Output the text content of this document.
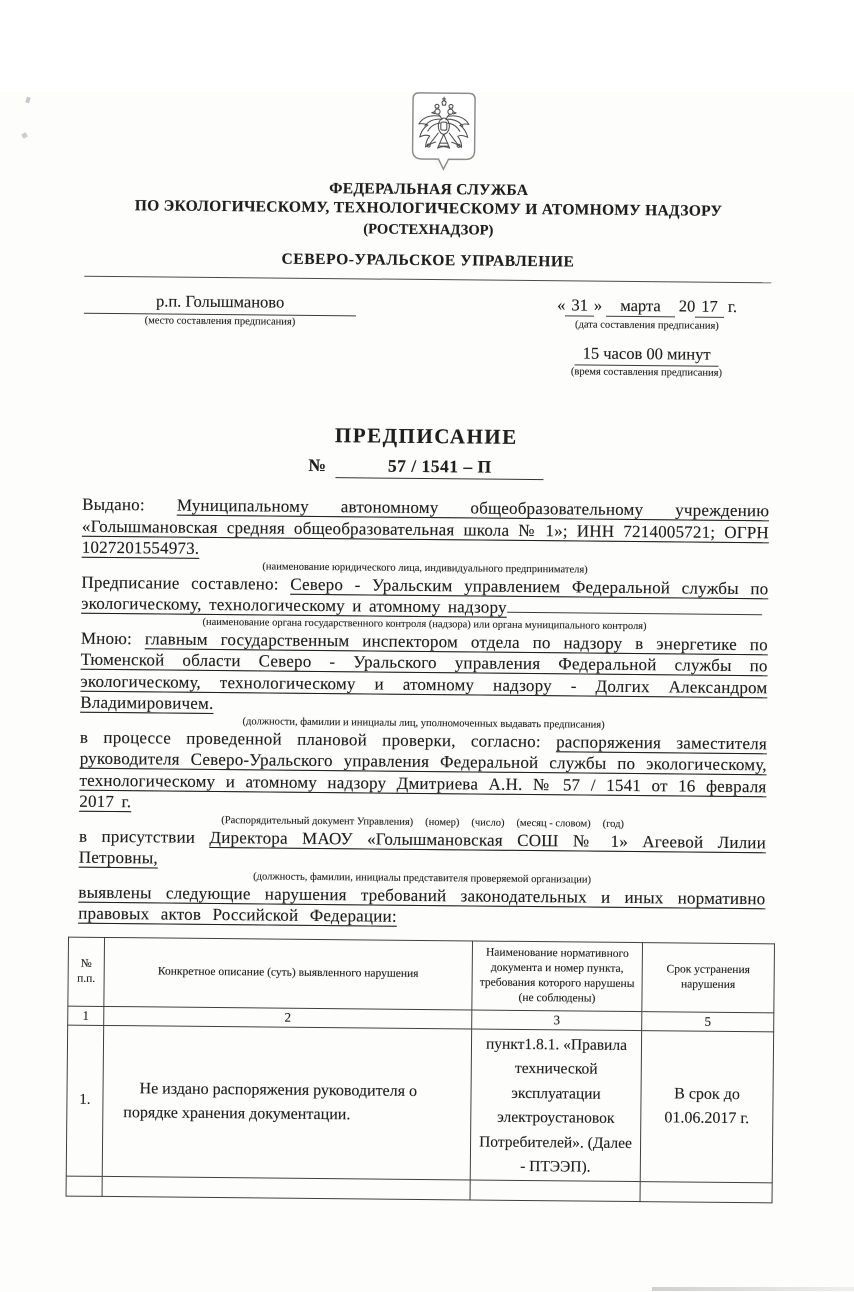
ФЕДЕРАЛЬНАЯ СЛУЖБА
ПО ЭКОЛОГИЧЕСКОМУ, ТЕХНОЛОГИЧЕСКОМУ И АТОМНОМУ НАДЗОРУ
(РОСТЕХНАДЗОР)
СЕВЕРО-УРАЛЬСКОЕ УПРАВЛЕНИЕ
р.п. Голышманово
(место составления предписания)
« 31 » марта 20 17 г.
(дата составления предписания)
15 часов 00 минут
(время составления предписания)
ПРЕДПИСАНИЕ
№	57 / 1541 – П

Выдано: Муниципальному автономному общеобразовательному учреждению «Голышмановская средняя общеобразовательная школа № 1»; ИНН 7214005721; ОГРН 1027201554973.

(наименование юридического лица, индивидуального предпринимателя)

Предписание составлено: Северо - Уральским управлением Федеральной службы по экологическому, технологическому и атомному надзору

(наименование органа государственного контроля (надзора) или органа муниципального контроля)

Мною: главным государственным инспектором отдела по надзору в энергетике по Тюменской области Северо - Уральского управления Федеральной службы по экологическому, технологическому и атомному надзору - Долгих Александром Владимировичем.

(должности, фамилии и инициалы лиц, уполномоченных выдавать предписания)

в процессе проведенной плановой проверки, согласно: распоряжения заместителя руководителя Северо-Уральского управления Федеральной службы по экологическому, технологическому и атомному надзору Дмитриева А.Н. № 57 / 1541 от 16 февраля 2017 г.

(Распорядительный документ Управления) (номер) (число) (месяц - словом) (год)

в присутствии Директора МАОУ «Голышмановская СОШ № 1» Агеевой Лилии Петровны,

(должность, фамилии, инициалы представителя проверяемой организации)

выявлены следующие нарушения требований законодательных и иных нормативно правовых актов Российской Федерации:

№ п.п.	Конкретное описание (суть) выявленного нарушения	Наименование нормативного документа и номер пункта, требования которого нарушены (не соблюдены)	Срок устранения нарушения
1	2	3	5
1.	Не издано распоряжения руководителя о порядке хранения документации.	пункт1.8.1. «Правила технической эксплуатации электроустановок Потребителей». (Далее - ПТЭЭП).	В срок до 01.06.2017 г.
